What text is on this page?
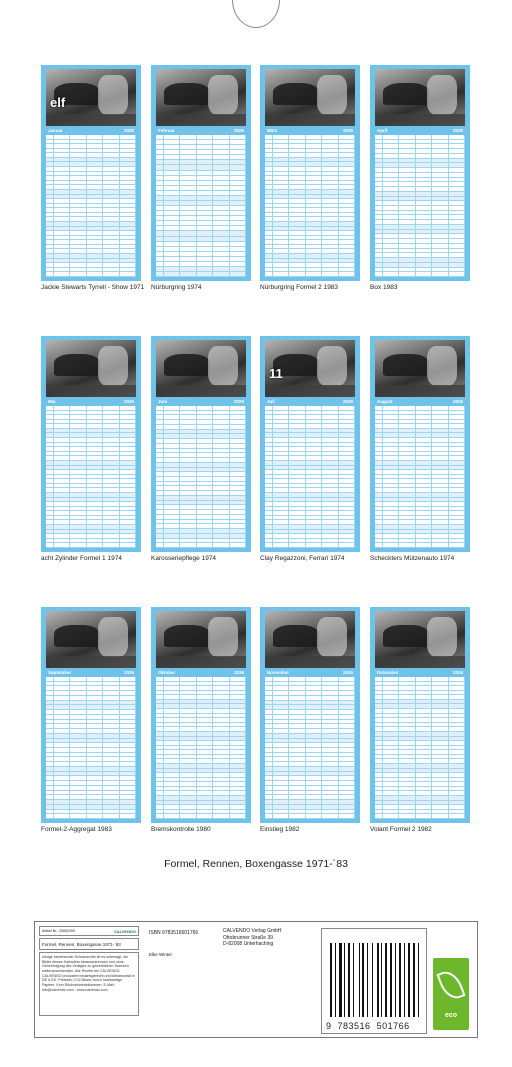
elf
Januar	2026
Jackie Stewarts Tyrrell - Show 1971
Februar	2026
Nürburgring 1974
März	2026
Nürburgring Formel 2 1983
April	2026
Box 1983
Mai	2026
acht Zylinder Formel 1 1974
Juni	2026
Karosseriepflege 1974
11
Juli	2026
Clay Regazzoni, Ferrari 1974
August	2026
Scheckters Mützenauto 1974
September	2026
Formel-2-Aggregat 1983
Oktober	2026
Bremskontrolle 1980
November	2026
Einstieg 1982
Dezember	2026
Volant Formel 2 1982
Formel, Rennen, Boxengasse 1971-´83
Artikel Nr.: 20652295	CALVENDO
Formel, Rennen, Boxengasse 1971-´83
Infolge bestehender Schutzrechte ist es untersagt, die Bilder dieses Kalenders herauszutrennen und ohne Genehmigung des Verlages zu gewerblichen Zwecken weiterzuverwenden. Alle Rechte bei CALVENDO. CALVENDO produziert bedarfsgerecht und klimaneutral in DE & EU. Preisinfo CO2-Bilanz durch hochwertige Papiere. Kein Rücknahmeabkommen. E-Mail: info@calvendo.com - www.calvendo.com
ISBN 9783516501766
Elke Winter
CALVENDO Verlag GmbH
Ottobrunner Straße 39
D-82008 Unterhaching
9 783516 501766
eco
